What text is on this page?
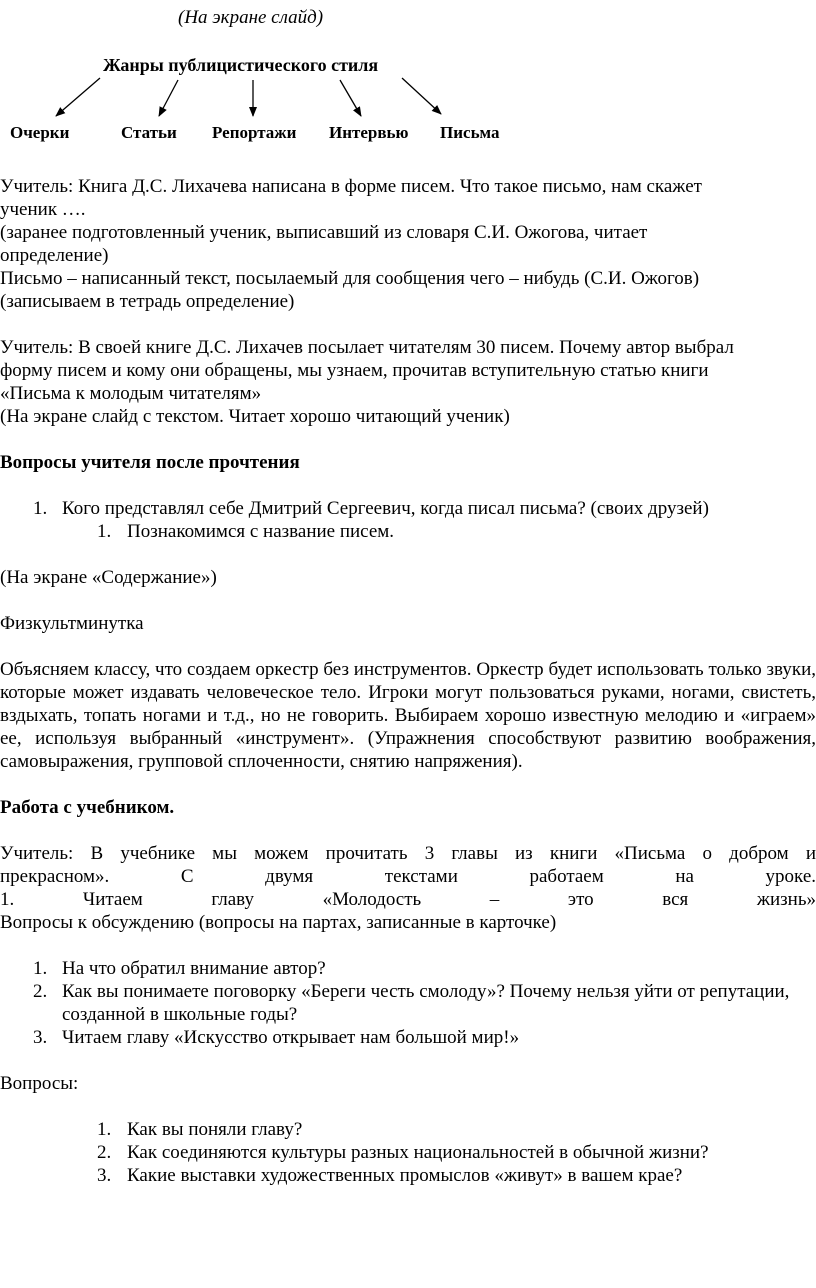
(На экране слайд)
Жанры публицистического стиля
Очерки	Статьи Репортажи Интервью Письма

Учитель: Книга Д.С. Лихачева написана в форме писем. Что такое письмо, нам скажет

ученик ….

(заранее подготовленный ученик, выписавший из словаря С.И. Ожогова, читает

определение)

Письмо – написанный текст, посылаемый для сообщения чего – нибудь (С.И. Ожогов)

(записываем в тетрадь определение)

Учитель: В своей книге Д.С. Лихачев посылает читателям 30 писем. Почему автор выбрал

форму писем и кому они обращены, мы узнаем, прочитав вступительную статью книги

«Письма к молодым читателям»

(На экране слайд с текстом. Читает хорошо читающий ученик)

Вопросы учителя после прочтения

1. Кого представлял себе Дмитрий Сергеевич, когда писал письма? (своих друзей)
1. Познакомимся с название писем.

(На экране «Содержание»)

Физкультминутка

Объясняем классу, что создаем оркестр без инструментов. Оркестр будет использовать только звуки, которые может издавать человеческое тело. Игроки могут пользоваться руками, ногами, свистеть, вздыхать, топать ногами и т.д., но не говорить. Выбираем хорошо известную мелодию и «играем» ее, используя выбранный «инструмент». (Упражнения способствуют развитию воображения, самовыражения, групповой сплоченности, снятию напряжения).

Работа с учебником.

Учитель: В учебнике мы можем прочитать 3 главы из книги «Письма о добром и

прекрасном». С двумя текстами работаем на уроке.

1. Читаем главу «Молодость – это вся жизнь»

Вопросы к обсуждению (вопросы на партах, записанные в карточке)

1. На что обратил внимание автор?
2. Как вы понимаете поговорку «Береги честь смолоду»? Почему нельзя уйти от репутации, созданной в школьные годы?
3. Читаем главу «Искусство открывает нам большой мир!»

Вопросы:

1. Как вы поняли главу?
2. Как соединяются культуры разных национальностей в обычной жизни?
3. Какие выставки художественных промыслов «живут» в вашем крае?
